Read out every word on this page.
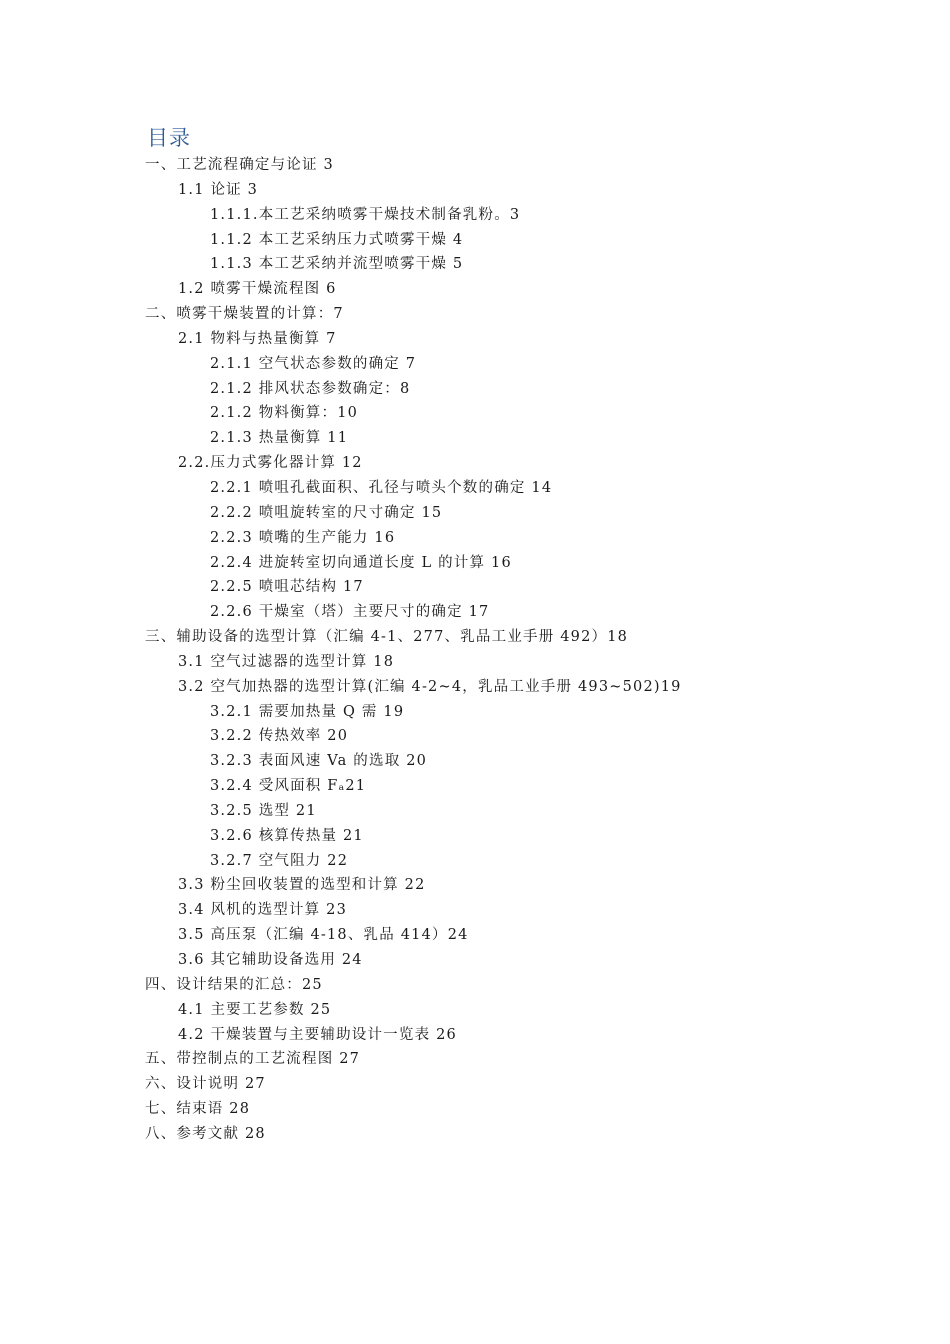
目录
一、工艺流程确定与论证 3
1.1 论证 3
1.1.1.本工艺采纳喷雾干燥技术制备乳粉。3
1.1.2 本工艺采纳压力式喷雾干燥 4
1.1.3 本工艺采纳并流型喷雾干燥 5
1.2 喷雾干燥流程图 6
二、喷雾干燥装置的计算：7
2.1 物料与热量衡算 7
2.1.1 空气状态参数的确定 7
2.1.2 排风状态参数确定：8
2.1.2 物料衡算：10
2.1.3 热量衡算 11
2.2.压力式雾化器计算 12
2.2.1 喷咀孔截面积、孔径与喷头个数的确定 14
2.2.2 喷咀旋转室的尺寸确定 15
2.2.3 喷嘴的生产能力 16
2.2.4 进旋转室切向通道长度 L 的计算 16
2.2.5 喷咀芯结构 17
2.2.6 干燥室（塔）主要尺寸的确定 17
三、辅助设备的选型计算（汇编 4-1、277、乳品工业手册 492）18
3.1 空气过滤器的选型计算 18
3.2 空气加热器的选型计算(汇编 4-2~4，乳品工业手册 493~502)19
3.2.1 需要加热量 Q 需 19
3.2.2 传热效率 20
3.2.3 表面风速 Va 的选取 20
3.2.4 受风面积 Fₐ21
3.2.5 选型 21
3.2.6 核算传热量 21
3.2.7 空气阻力 22
3.3 粉尘回收装置的选型和计算 22
3.4 风机的选型计算 23
3.5 高压泵（汇编 4-18、乳品 414）24
3.6 其它辅助设备选用 24
四、设计结果的汇总：25
4.1 主要工艺参数 25
4.2 干燥装置与主要辅助设计一览表 26
五、带控制点的工艺流程图 27
六、设计说明 27
七、结束语 28
八、参考文献 28
